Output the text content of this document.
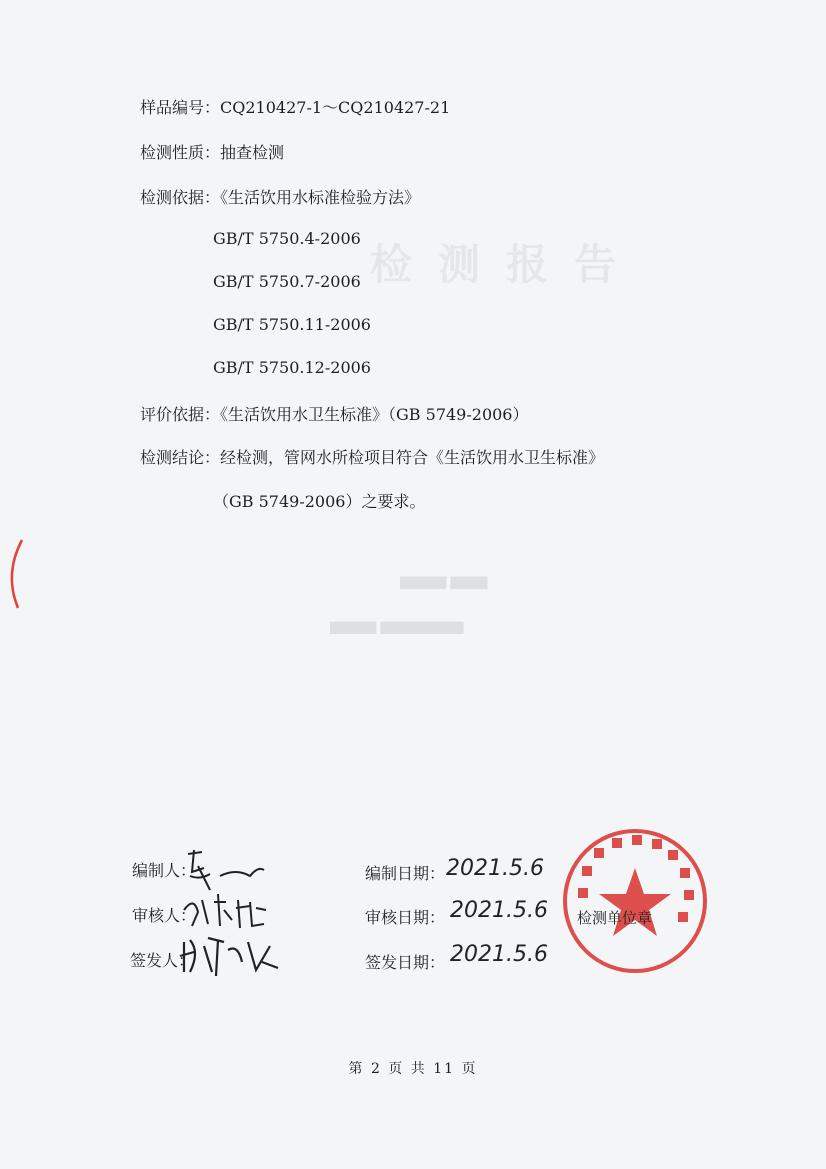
检测报告
样品编号：CQ210427-1～CQ210427-21
检测性质：抽查检测
检测依据：《生活饮用水标准检验方法》
GB/T 5750.4-2006
GB/T 5750.7-2006
GB/T 5750.11-2006
GB/T 5750.12-2006
评价依据：《生活饮用水卫生标准》（GB 5749-2006）
检测结论：经检测，管网水所检项目符合《生活饮用水卫生标准》
（GB 5749-2006）之要求。
▇▇▇▇▇ ▇▇▇▇
▇▇▇▇▇ ▇▇▇▇▇▇▇▇▇
编制人：
审核人：
签发人：
编制日期： 2021.5.6
审核日期： 2021.5.6
签发日期： 2021.5.6
检测单位章
第 2 页 共 11 页
